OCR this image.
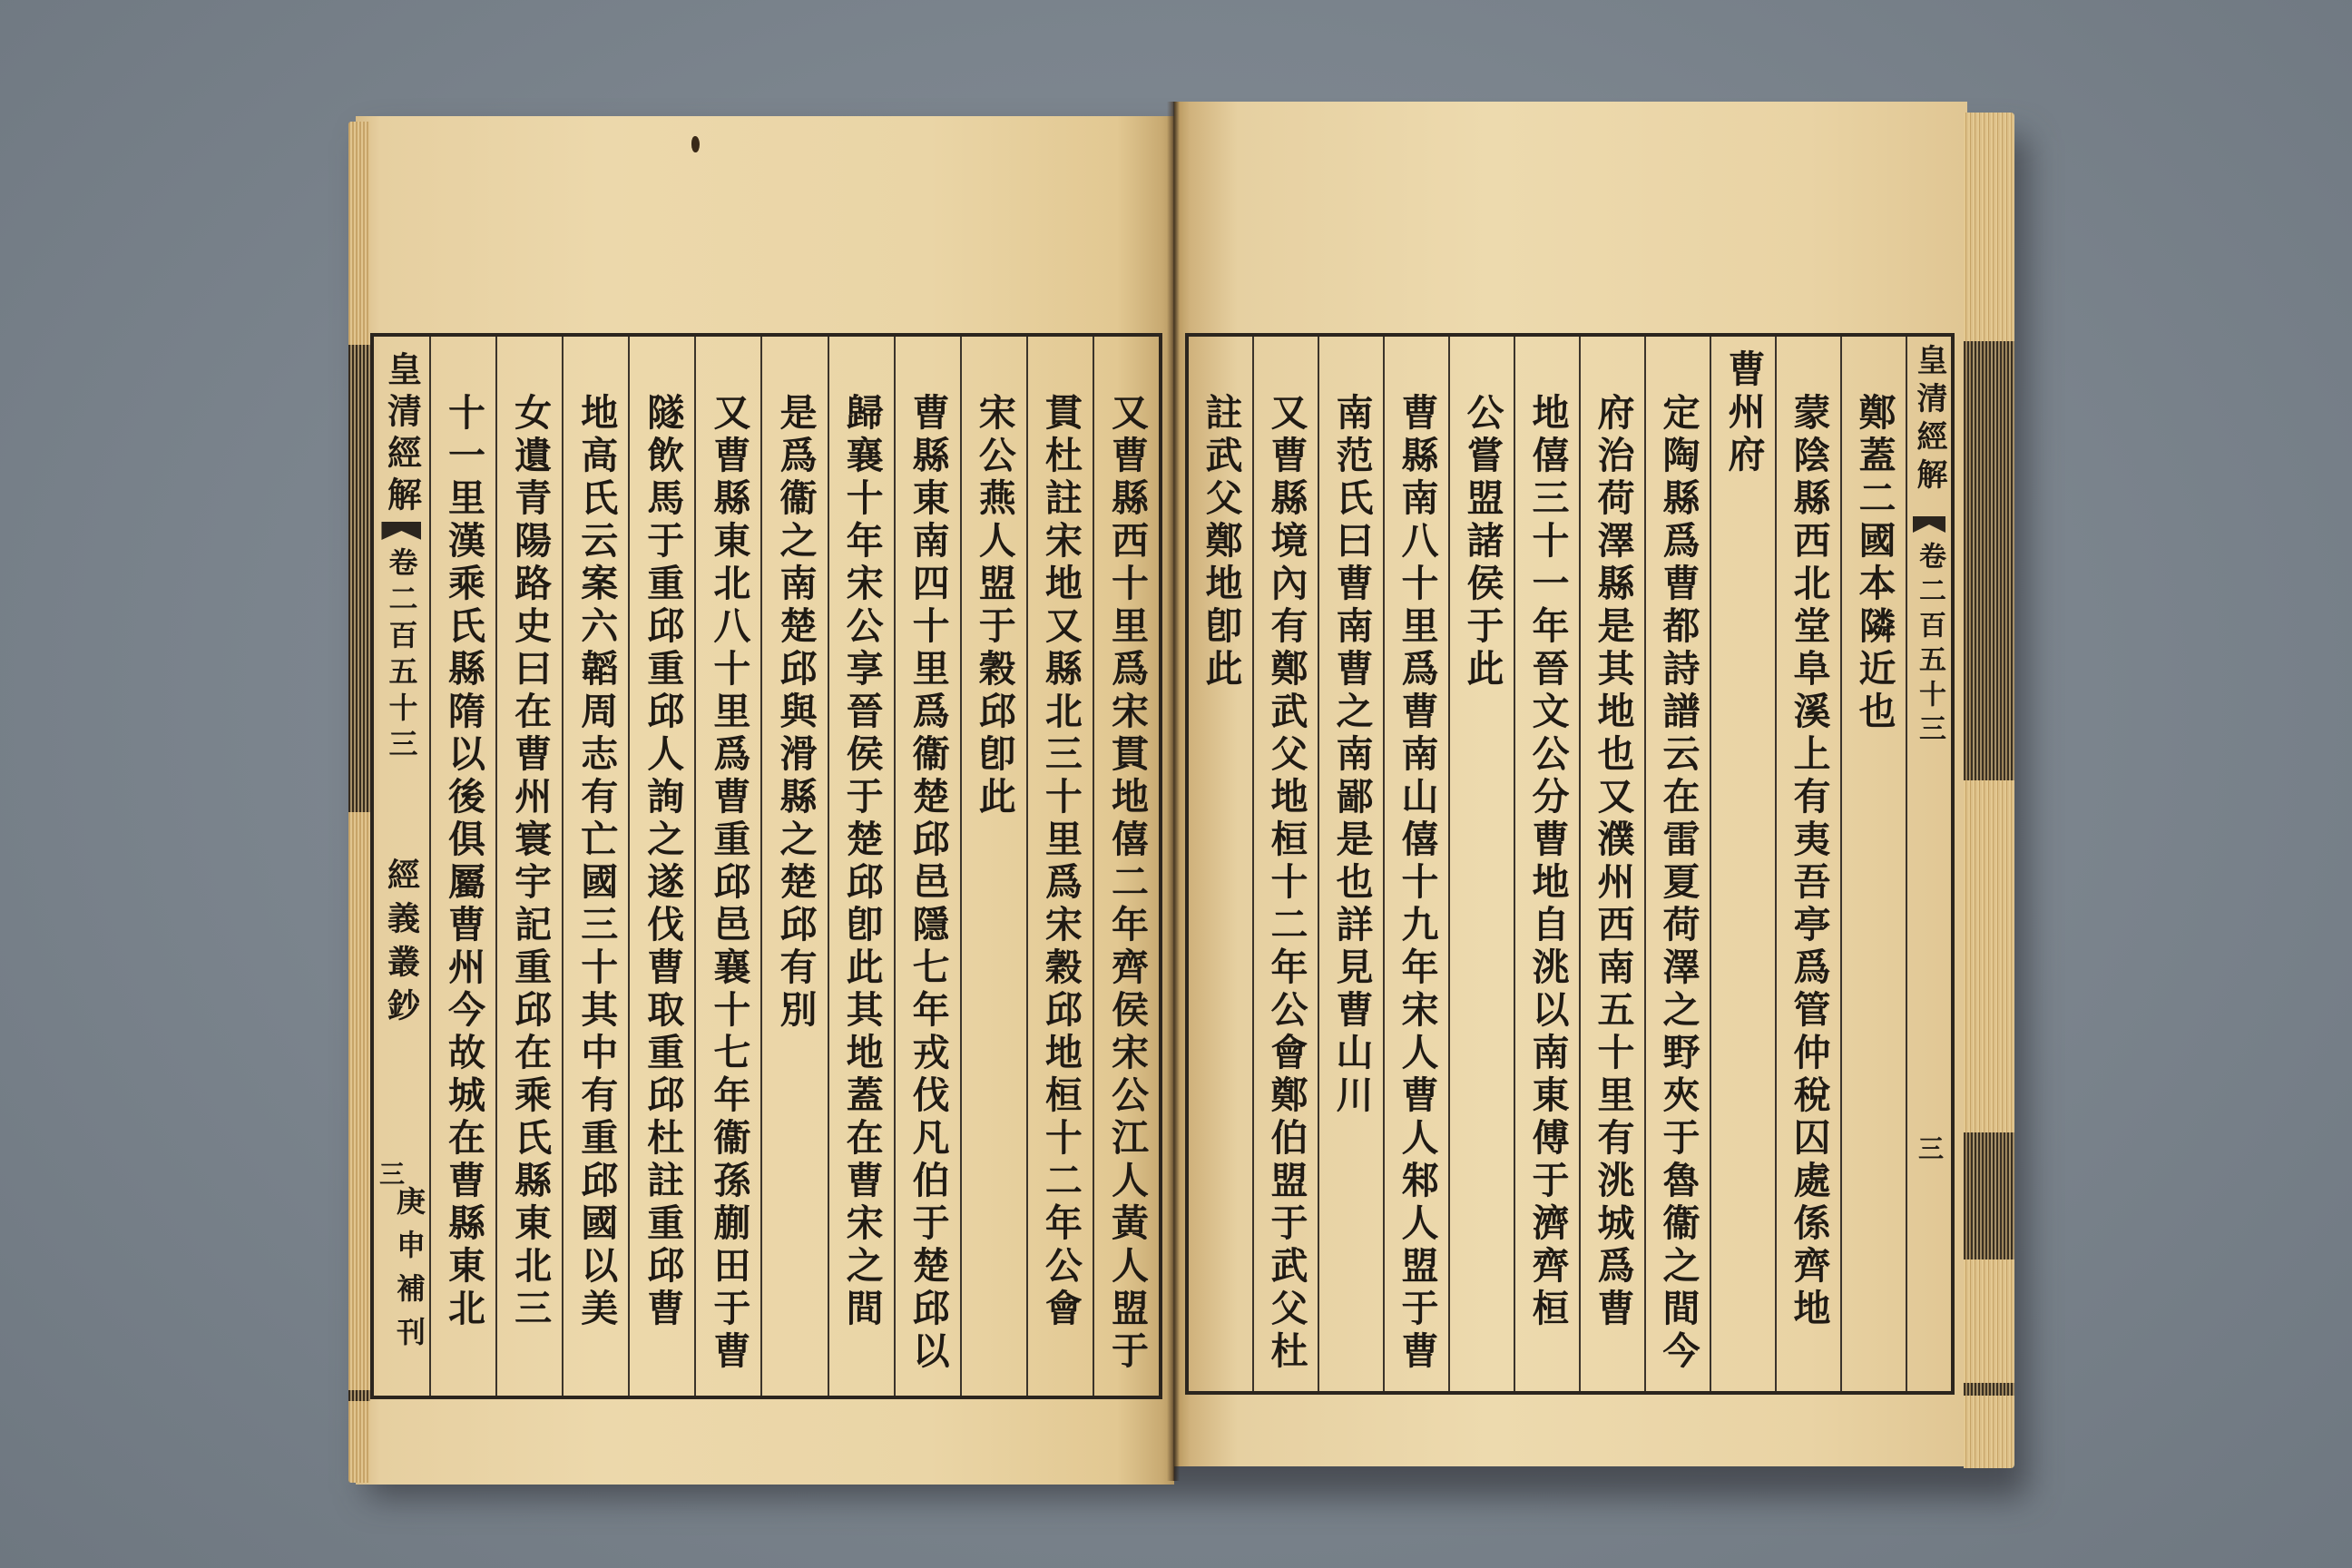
又曹縣西十里爲宋貫地僖二年齊侯宋公江人黃人盟于
貫杜註宋地又縣北三十里爲宋穀邱地桓十二年公會
宋公燕人盟于穀邱卽此
曹縣東南四十里爲衞楚邱邑隱七年戎伐凡伯于楚邱以
歸襄十年宋公享晉侯于楚邱卽此其地蓋在曹宋之間
是爲衞之南楚邱與滑縣之楚邱有別
又曹縣東北八十里爲曹重邱邑襄十七年衞孫蒯田于曹
隧飲馬于重邱重邱人詢之遂伐曹取重邱杜註重邱曹
地高氏云案六韜周志有亡國三十其中有重邱國以美
女遺青陽路史曰在曹州寰宇記重邱在乘氏縣東北三
十一里漢乘氏縣隋以後俱屬曹州今故城在曹縣東北
皇清經解
卷二百五十三
經義叢鈔
三
庚申補刊
皇清經解
卷二百五十三
三
鄭蓋二國本隣近也
蒙陰縣西北堂阜溪上有夷吾亭爲管仲稅囚處係齊地
曹州府
定陶縣爲曹都詩譜云在雷夏荷澤之野夾于魯衞之間今
府治荷澤縣是其地也又濮州西南五十里有洮城爲曹
地僖三十一年晉文公分曹地自洮以南東傅于濟齊桓
公嘗盟諸侯于此
曹縣南八十里爲曹南山僖十九年宋人曹人邾人盟于曹
南范氏曰曹南曹之南鄙是也詳見曹山川
又曹縣境內有鄭武父地桓十二年公會鄭伯盟于武父杜
註武父鄭地卽此
